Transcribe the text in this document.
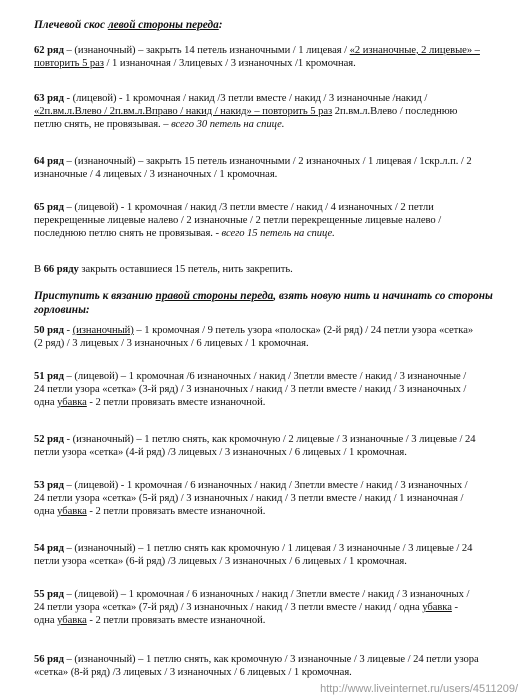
Плечевой скос левой стороны переда:
62 ряд – (изнаночный) – закрыть 14 петель изнаночными / 1 лицевая / «2 изнаночные, 2 лицевые» –
повторить 5 раз / 1 изнаночная / 3лицевых / 3 изнаночных /1 кромочная.
63 ряд - (лицевой) - 1 кромочная / накид /3 петли вместе / накид / 3 изнаночные /накид /
«2п.вм.л.Влево / 2п.вм.л.Вправо / накид / накид» – повторить 5 раз 2п.вм.л.Влево / последнюю
петлю снять, не провязывая. – всего 30 петель на спице.
64 ряд – (изнаночный) – закрыть 15 петель изнаночными / 2 изнаночных / 1 лицевая / 1скр.л.п. / 2
изнаночные / 4 лицевых / 3 изнаночных / 1 кромочная.
65 ряд – (лицевой) - 1 кромочная / накид /3 петли вместе / накид / 4 изнаночных / 2 петли
перекрещенные лицевые налево / 2 изнаночные / 2 петли перекрещенные лицевые налево /
последнюю петлю снять не провязывая. - всего 15 петель на спице.
В 66 ряду закрыть оставшиеся 15 петель, нить закрепить.
Приступить к вязанию правой стороны переда, взять новую нить и начинать со стороны
горловины:
50 ряд - (изнаночный) – 1 кромочная / 9 петель узора «полоска» (2-й ряд) / 24 петли узора «сетка»
(2 ряд) / 3 лицевых / 3 изнаночных / 6 лицевых / 1 кромочная.
51 ряд – (лицевой) – 1 кромочная /6 изнаночных / накид / 3петли вместе / накид / 3 изнаночные /
24 петли узора «сетка» (3-й ряд) / 3 изнаночных / накид / 3 петли вместе / накид / 3 изнаночных /
одна убавка - 2 петли провязать вместе изнаночной.
52 ряд - (изнаночный) – 1 петлю снять, как кромочную / 2 лицевые / 3 изнаночные / 3 лицевые / 24
петли узора «сетка» (4-й ряд) /3 лицевых / 3 изнаночных / 6 лицевых / 1 кромочная.
53 ряд – (лицевой) - 1 кромочная / 6 изнаночных / накид / 3петли вместе / накид / 3 изнаночных /
24 петли узора «сетка» (5-й ряд) / 3 изнаночных / накид / 3 петли вместе / накид / 1 изнаночная /
одна убавка - 2 петли провязать вместе изнаночной.
54 ряд – (изнаночный) – 1 петлю снять как кромочную / 1 лицевая / 3 изнаночные / 3 лицевые / 24
петли узора «сетка» (6-й ряд) /3 лицевых / 3 изнаночных / 6 лицевых / 1 кромочная.
55 ряд – (лицевой) – 1 кромочная / 6 изнаночных / накид / 3петли вместе / накид / 3 изнаночных /
24 петли узора «сетка» (7-й ряд) / 3 изнаночных / накид / 3 петли вместе / накид / одна убавка -
одна убавка - 2 петли провязать вместе изнаночной.
56 ряд – (изнаночный) – 1 петлю снять, как кромочную / 3 изнаночные / 3 лицевые / 24 петли узора
«сетка» (8-й ряд) /3 лицевых / 3 изнаночных / 6 лицевых / 1 кромочная.
http://www.liveinternet.ru/users/4511209/
